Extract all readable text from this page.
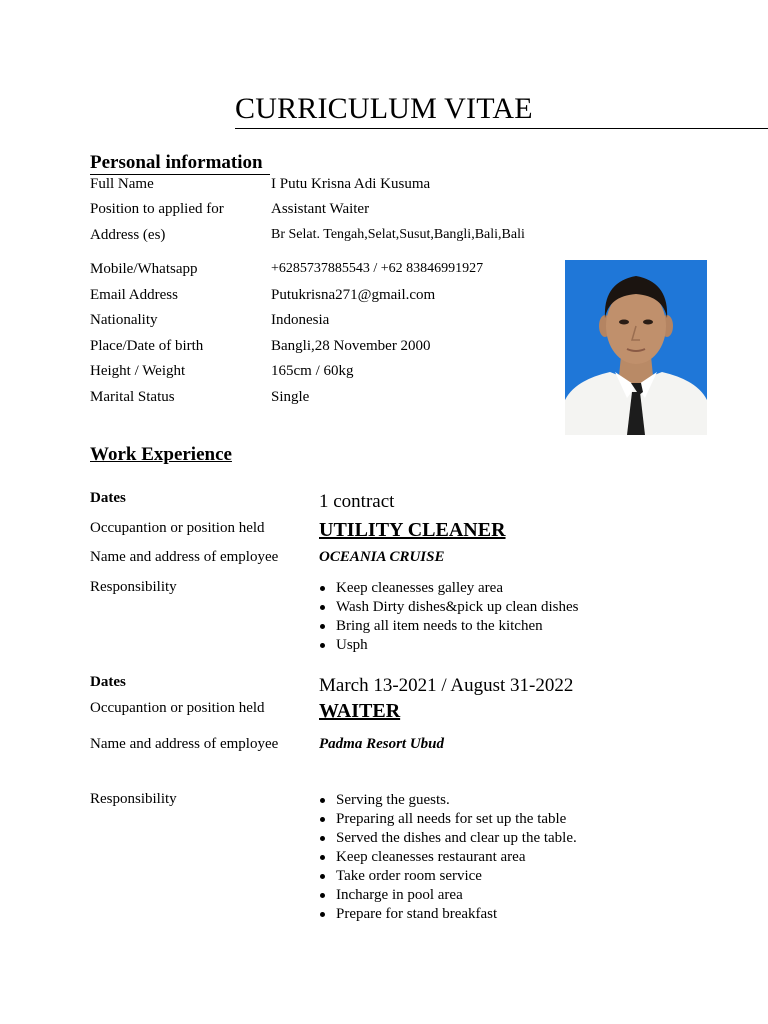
CURRICULUM VITAE
Personal information
Full Name	I Putu Krisna Adi Kusuma
Position to applied for	Assistant Waiter
Address (es)	Br Selat. Tengah,Selat,Susut,Bangli,Bali,Bali
Mobile/Whatsapp	+6285737885543 / +62 83846991927
Email Address	Putukrisna271@gmail.com
Nationality	Indonesia
Place/Date of birth	Bangli,28 November 2000
Height / Weight	165cm / 60kg
Marital Status	Single
Work Experience
Dates	1 contract
Occupantion or position held	UTILITY CLEANER
Name and address of employee	OCEANIA CRUISE
Responsibility	Keep cleanesses galley area
Wash Dirty dishes&pick up clean dishes
Bring all item needs to the kitchen
Usph
Dates	March 13-2021 / August 31-2022
Occupantion or position held	WAITER
Name and address of employee	Padma Resort Ubud
Responsibility	Serving the guests.
Preparing all needs for set up the table
Served the dishes and clear up the table.
Keep cleanesses restaurant area
Take order room service
Incharge in pool area
Prepare for stand breakfast
